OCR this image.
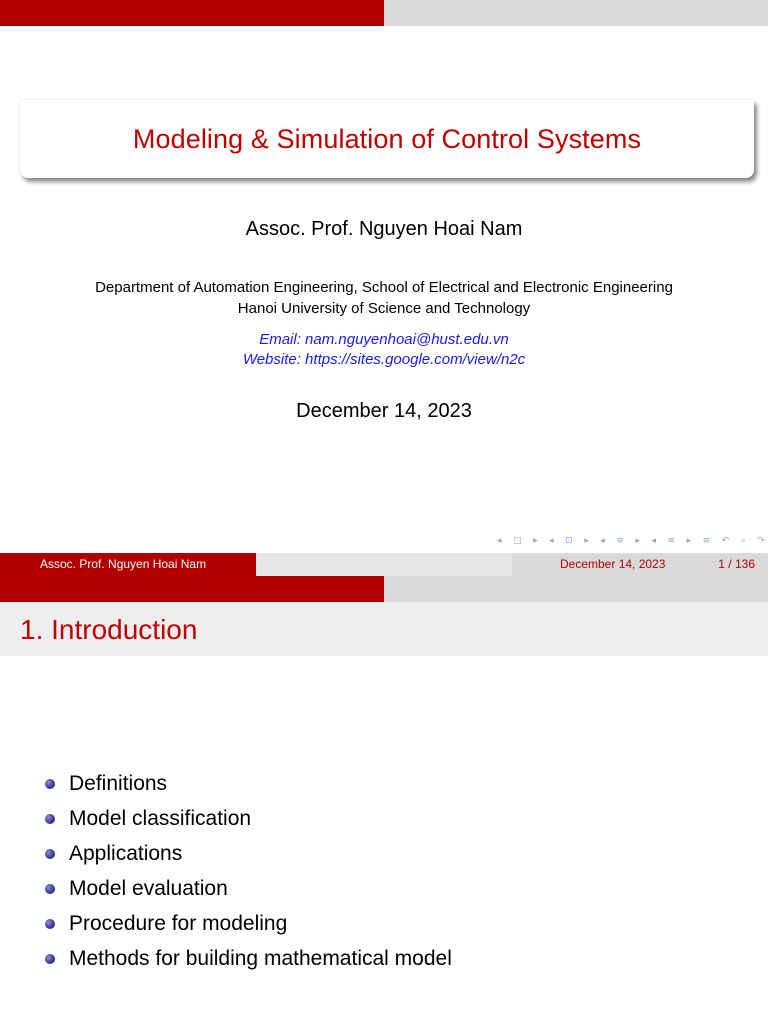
Modeling & Simulation of Control Systems
Assoc. Prof. Nguyen Hoai Nam
Department of Automation Engineering, School of Electrical and Electronic Engineering
Hanoi University of Science and Technology
Email: nam.nguyenhoai@hust.edu.vn
Website: https://sites.google.com/view/n2c
December 14, 2023
◂ □ ▸ ◂ ⊡ ▸ ◂ ≡ ▸ ◂ ≡ ▸ ≡ ↶ ⌕ ↷
Assoc. Prof. Nguyen Hoai Nam	December 14, 2023	1 / 136
1. Introduction
Definitions
Model classification
Applications
Model evaluation
Procedure for modeling
Methods for building mathematical model
